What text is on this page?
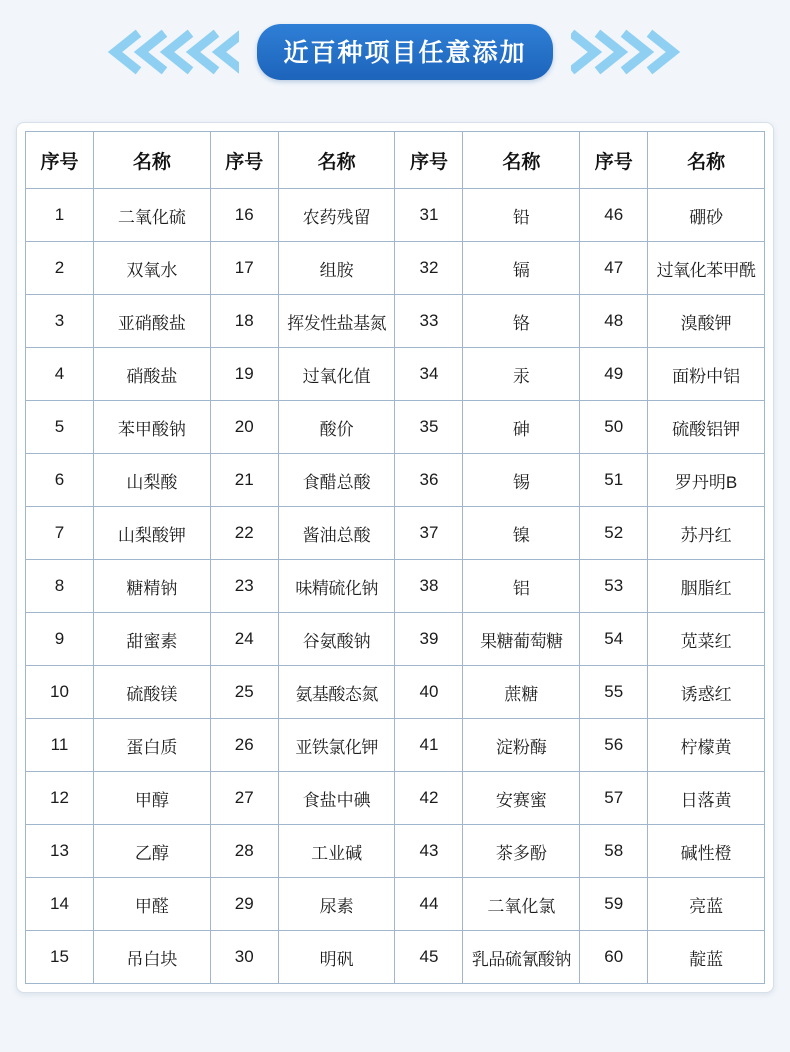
近百种项目任意添加
序号	名称	序号	名称	序号	名称	序号	名称
1	二氧化硫	16	农药残留	31	铅	46	硼砂
2	双氧水	17	组胺	32	镉	47	过氧化苯甲酰
3	亚硝酸盐	18	挥发性盐基氮	33	铬	48	溴酸钾
4	硝酸盐	19	过氧化值	34	汞	49	面粉中铝
5	苯甲酸钠	20	酸价	35	砷	50	硫酸铝钾
6	山梨酸	21	食醋总酸	36	锡	51	罗丹明B
7	山梨酸钾	22	酱油总酸	37	镍	52	苏丹红
8	糖精钠	23	味精硫化钠	38	铝	53	胭脂红
9	甜蜜素	24	谷氨酸钠	39	果糖葡萄糖	54	苋菜红
10	硫酸镁	25	氨基酸态氮	40	蔗糖	55	诱惑红
11	蛋白质	26	亚铁氯化钾	41	淀粉酶	56	柠檬黄
12	甲醇	27	食盐中碘	42	安赛蜜	57	日落黄
13	乙醇	28	工业碱	43	茶多酚	58	碱性橙
14	甲醛	29	尿素	44	二氧化氯	59	亮蓝
15	吊白块	30	明矾	45	乳品硫氰酸钠	60	靛蓝
